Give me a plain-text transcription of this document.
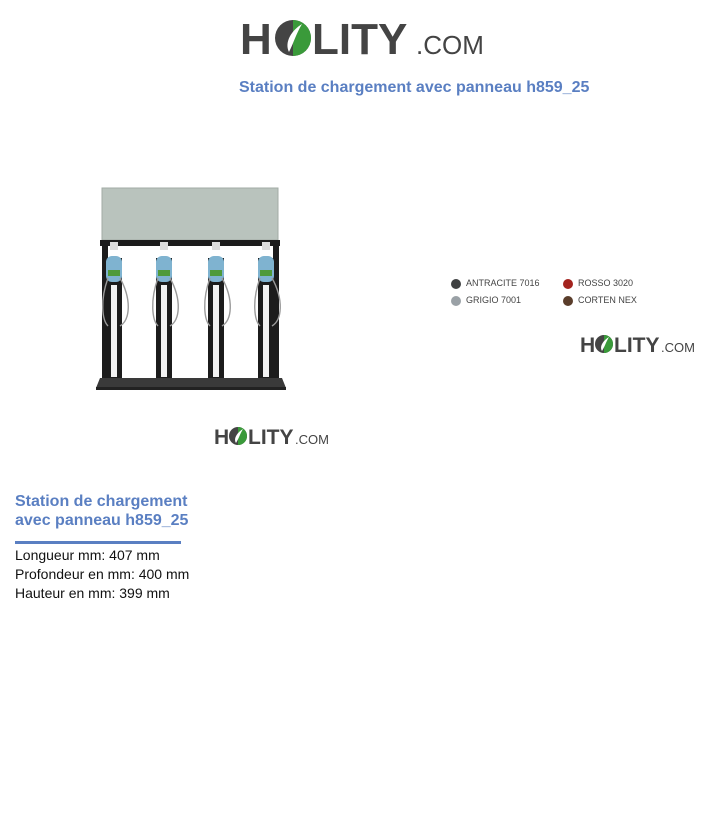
H LITY .COM
Station de chargement avec panneau h859_25
H LITY .COM
ANTRACITE 7016	ROSSO 3020
GRIGIO 7001	CORTEN NEX
H LITY .COM
Station de chargement
avec panneau h859_25
Longueur mm: 407 mm
Profondeur en mm: 400 mm
Hauteur en mm: 399 mm
